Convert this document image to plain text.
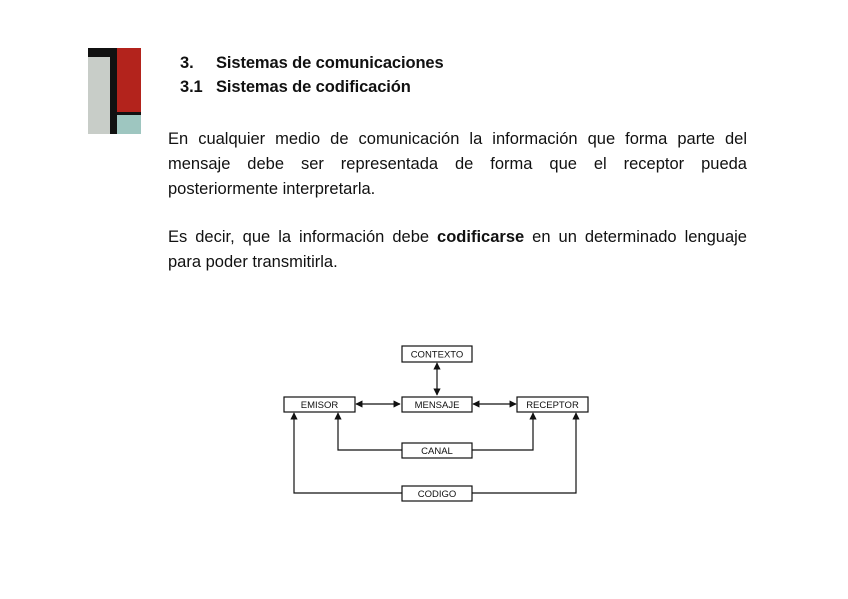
3. Sistemas de comunicaciones
3.1 Sistemas de codificación

En cualquier medio de comunicación la información que forma parte del mensaje debe ser representada de forma que el receptor pueda posteriormente interpretarla.

Es decir, que la información debe codificarse en un determinado lenguaje para poder transmitirla.

CONTEXTO
EMISOR	MENSAJE	RECEPTOR
CANAL
CODIGO
